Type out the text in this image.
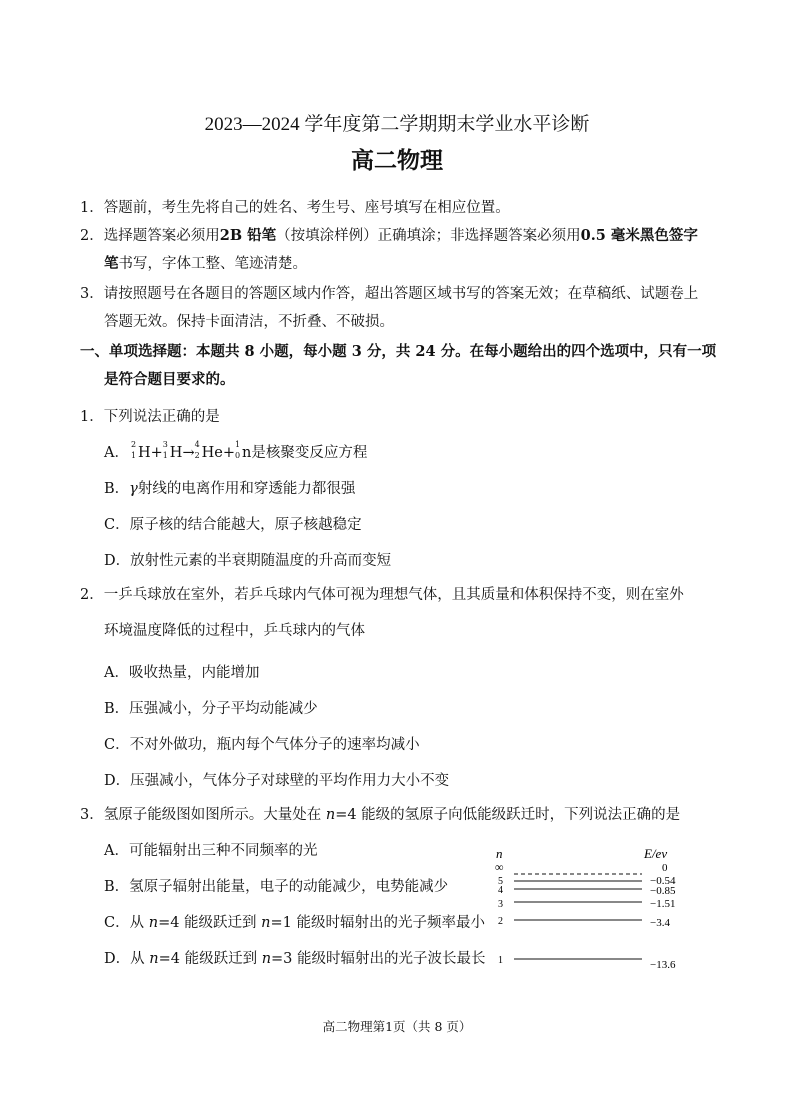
2023—2024 学年度第二学期期末学业水平诊断
高二物理
1．答题前，考生先将自己的姓名、考生号、座号填写在相应位置。
2．选择题答案必须用2B 铅笔（按填涂样例）正确填涂；非选择题答案必须用0.5 毫米黑色签字
笔书写，字体工整、笔迹清楚。
3．请按照题号在各题目的答题区域内作答，超出答题区域书写的答案无效；在草稿纸、试题卷上
答题无效。保持卡面清洁，不折叠、不破损。
一、单项选择题：本题共 8 小题，每小题 3 分，共 24 分。在每小题给出的四个选项中，只有一项
是符合题目要求的。
1．下列说法正确的是
A．
2
1 H+
3
1 H→
4
2 He+
1
0 n是核聚变反应方程
B．γ射线的电离作用和穿透能力都很强
C．原子核的结合能越大，原子核越稳定
D．放射性元素的半衰期随温度的升高而变短
2．一乒乓球放在室外，若乒乓球内气体可视为理想气体，且其质量和体积保持不变，则在室外
环境温度降低的过程中，乒乓球内的气体
A．吸收热量，内能增加
B．压强减小，分子平均动能减少
C．不对外做功，瓶内每个气体分子的速率均减小
D．压强减小，气体分子对球壁的平均作用力大小不变
3．氢原子能级图如图所示。大量处在 n=4 能级的氢原子向低能级跃迁时，下列说法正确的是
A．可能辐射出三种不同频率的光
B．氢原子辐射出能量，电子的动能减少，电势能减少
C．从 n=4 能级跃迁到 n=1 能级时辐射出的光子频率最小
D．从 n=4 能级跃迁到 n=3 能级时辐射出的光子波长最长
n	E/ev
∞	0
5	−0.54
4	−0.85
3	−1.51
2	−3.4
1	−13.6
高二物理第1页（共 8 页）
